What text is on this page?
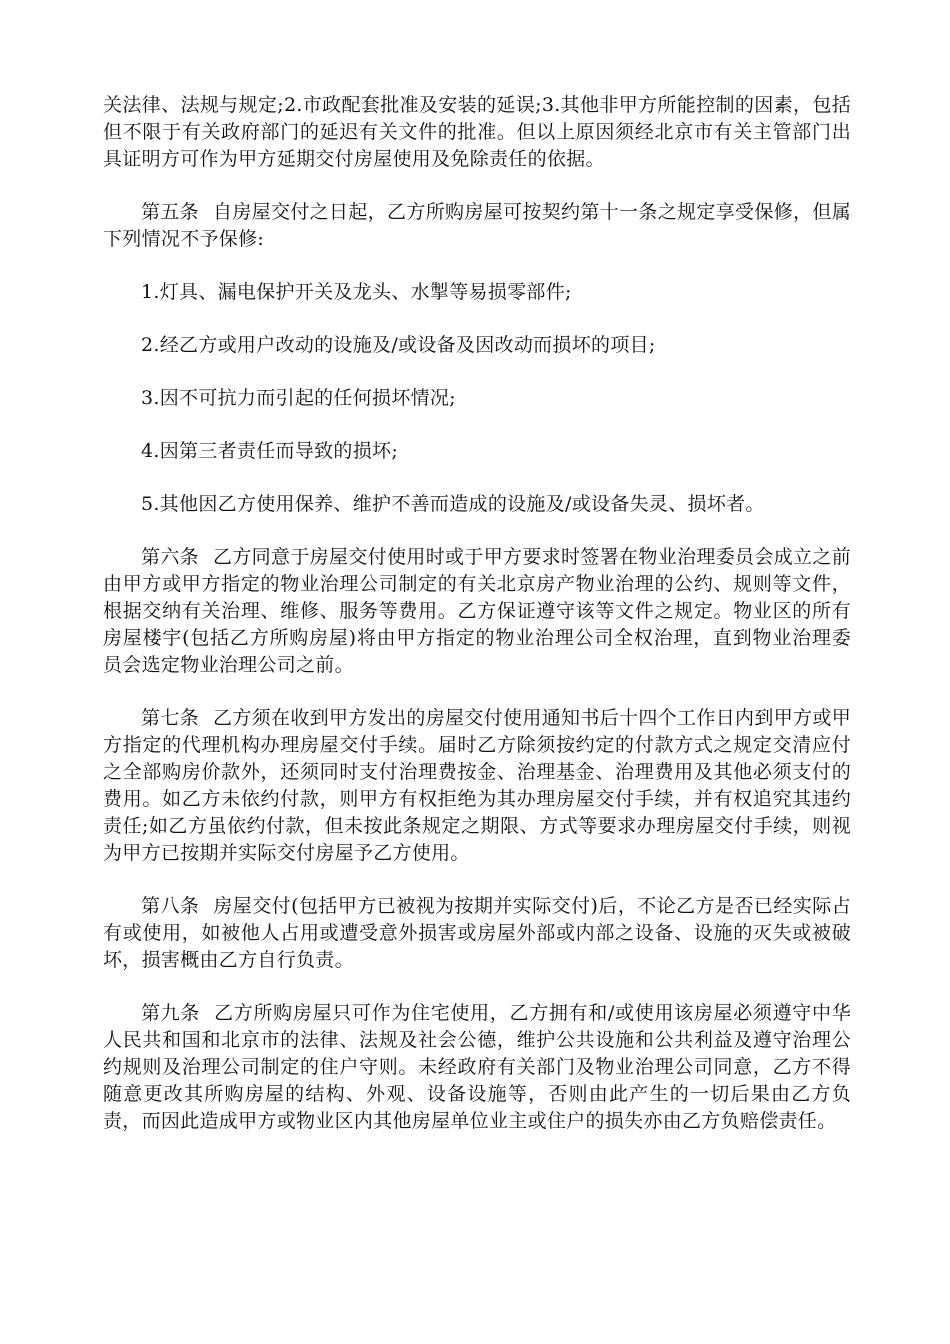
关法律、法规与规定;2.市政配套批准及安装的延误;3.其他非甲方所能控制的因素，包括但不限于有关政府部门的延迟有关文件的批准。但以上原因须经北京市有关主管部门出具证明方可作为甲方延期交付房屋使用及免除责任的依据。

第五条 自房屋交付之日起，乙方所购房屋可按契约第十一条之规定享受保修，但属下列情况不予保修:

1.灯具、漏电保护开关及龙头、水掣等易损零部件;

2.经乙方或用户改动的设施及/或设备及因改动而损坏的项目;

3.因不可抗力而引起的任何损坏情况;

4.因第三者责任而导致的损坏;

5.其他因乙方使用保养、维护不善而造成的设施及/或设备失灵、损坏者。

第六条 乙方同意于房屋交付使用时或于甲方要求时签署在物业治理委员会成立之前由甲方或甲方指定的物业治理公司制定的有关北京房产物业治理的公约、规则等文件，根据交纳有关治理、维修、服务等费用。乙方保证遵守该等文件之规定。物业区的所有房屋楼宇(包括乙方所购房屋)将由甲方指定的物业治理公司全权治理，直到物业治理委员会选定物业治理公司之前。

第七条 乙方须在收到甲方发出的房屋交付使用通知书后十四个工作日内到甲方或甲方指定的代理机构办理房屋交付手续。届时乙方除须按约定的付款方式之规定交清应付之全部购房价款外，还须同时支付治理费按金、治理基金、治理费用及其他必须支付的费用。如乙方未依约付款，则甲方有权拒绝为其办理房屋交付手续，并有权追究其违约责任;如乙方虽依约付款，但未按此条规定之期限、方式等要求办理房屋交付手续，则视为甲方已按期并实际交付房屋予乙方使用。

第八条 房屋交付(包括甲方已被视为按期并实际交付)后，不论乙方是否已经实际占有或使用，如被他人占用或遭受意外损害或房屋外部或内部之设备、设施的灭失或被破坏，损害概由乙方自行负责。

第九条 乙方所购房屋只可作为住宅使用，乙方拥有和/或使用该房屋必须遵守中华人民共和国和北京市的法律、法规及社会公德，维护公共设施和公共利益及遵守治理公约规则及治理公司制定的住户守则。未经政府有关部门及物业治理公司同意，乙方不得随意更改其所购房屋的结构、外观、设备设施等，否则由此产生的一切后果由乙方负责，而因此造成甲方或物业区内其他房屋单位业主或住户的损失亦由乙方负赔偿责任。
